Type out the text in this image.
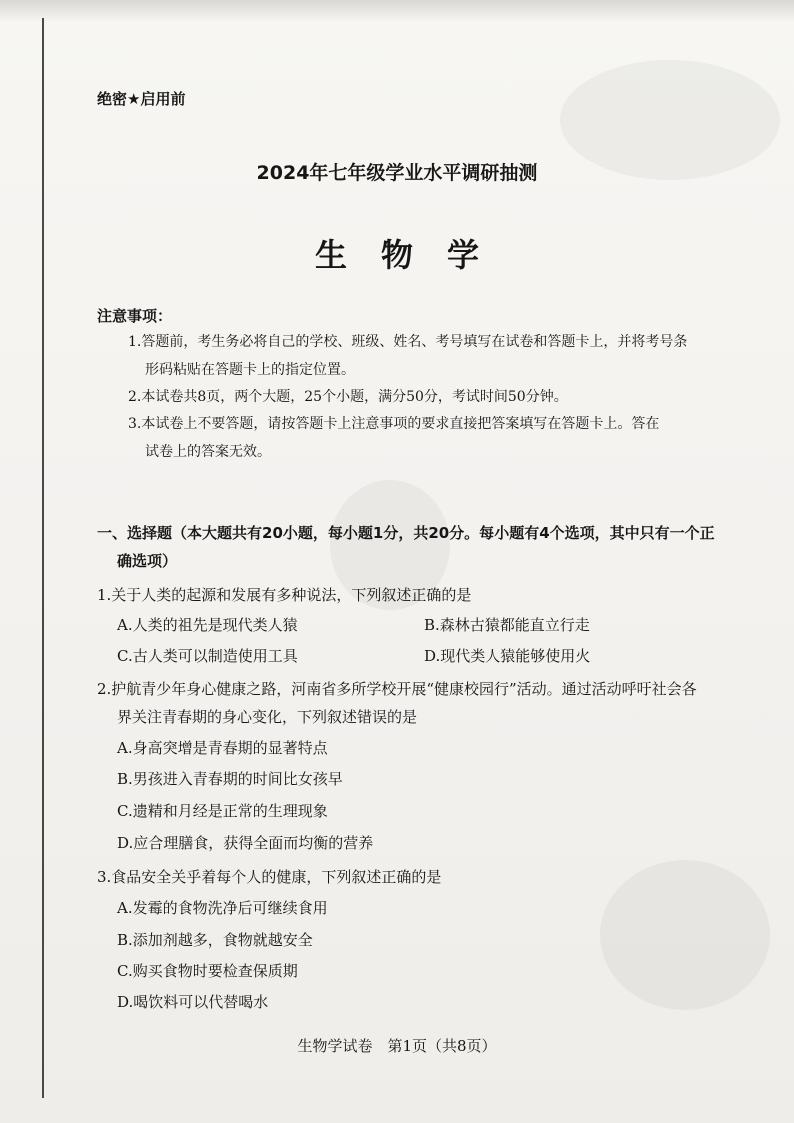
绝密★启用前
2024年七年级学业水平调研抽测
生物学
注意事项：
1.答题前，考生务必将自己的学校、班级、姓名、考号填写在试卷和答题卡上，并将考号条
形码粘贴在答题卡上的指定位置。
2.本试卷共8页，两个大题，25个小题，满分50分，考试时间50分钟。
3.本试卷上不要答题，请按答题卡上注意事项的要求直接把答案填写在答题卡上。答在
试卷上的答案无效。
一、选择题（本大题共有20小题，每小题1分，共20分。每小题有4个选项，其中只有一个正
确选项）
1.关于人类的起源和发展有多种说法，下列叙述正确的是
A.人类的祖先是现代类人猿	B.森林古猿都能直立行走
C.古人类可以制造使用工具	D.现代类人猿能够使用火
2.护航青少年身心健康之路，河南省多所学校开展“健康校园行”活动。通过活动呼吁社会各
界关注青春期的身心变化，下列叙述错误的是
A.身高突增是青春期的显著特点
B.男孩进入青春期的时间比女孩早
C.遗精和月经是正常的生理现象
D.应合理膳食，获得全面而均衡的营养
3.食品安全关乎着每个人的健康，下列叙述正确的是
A.发霉的食物洗净后可继续食用
B.添加剂越多，食物就越安全
C.购买食物时要检查保质期
D.喝饮料可以代替喝水
生物学试卷　第1页（共8页）
